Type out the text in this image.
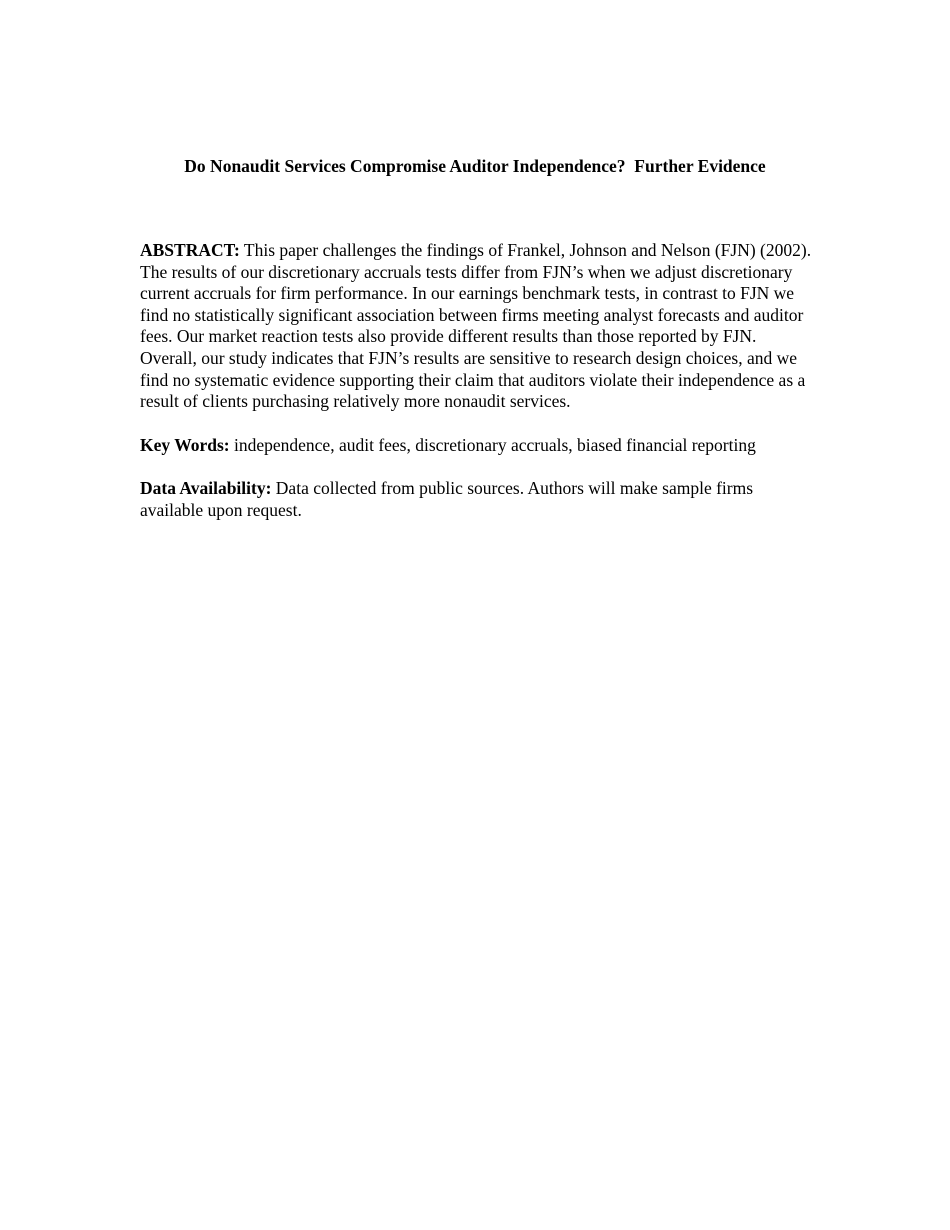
Do Nonaudit Services Compromise Auditor Independence?  Further Evidence

ABSTRACT: This paper challenges the findings of Frankel, Johnson and Nelson (FJN) (2002). The results of our discretionary accruals tests differ from FJN’s when we adjust discretionary current accruals for firm performance. In our earnings benchmark tests, in contrast to FJN we find no statistically significant association between firms meeting analyst forecasts and auditor fees. Our market reaction tests also provide different results than those reported by FJN. Overall, our study indicates that FJN’s results are sensitive to research design choices, and we find no systematic evidence supporting their claim that auditors violate their independence as a result of clients purchasing relatively more nonaudit services.

Key Words: independence, audit fees, discretionary accruals, biased financial reporting

Data Availability: Data collected from public sources. Authors will make sample firms available upon request.
